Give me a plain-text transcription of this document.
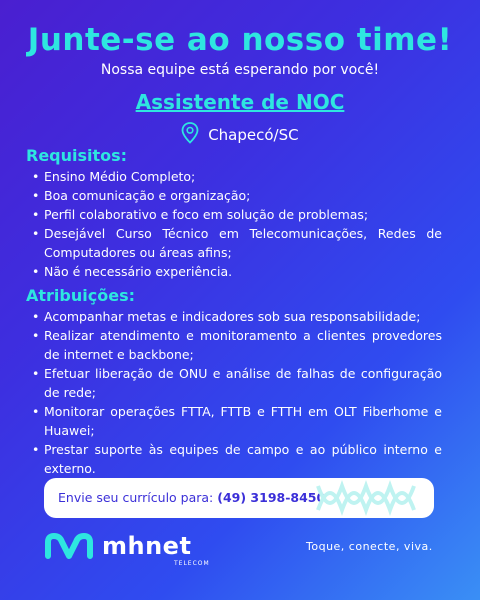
Junte-se ao nosso time!
Nossa equipe está esperando por você!
Assistente de NOC
Chapecó/SC
Requisitos:
• Ensino Médio Completo;
• Boa comunicação e organização;
• Perfil colaborativo e foco em solução de problemas;
• Desejável Curso Técnico em Telecomunicações, Redes de Computadores ou áreas afins;
• Não é necessário experiência.
Atribuições:
• Acompanhar metas e indicadores sob sua responsabilidade;
• Realizar atendimento e monitoramento a clientes provedores de internet e backbone;
• Efetuar liberação de ONU e análise de falhas de configuração de rede;
• Monitorar operações FTTA, FTTB e FTTH em OLT Fiberhome e Huawei;
• Prestar suporte às equipes de campo e ao público interno e externo.
Envie seu currículo para: (49) 3198-8450
mhnet
TELECOM
Toque, conecte, viva.
